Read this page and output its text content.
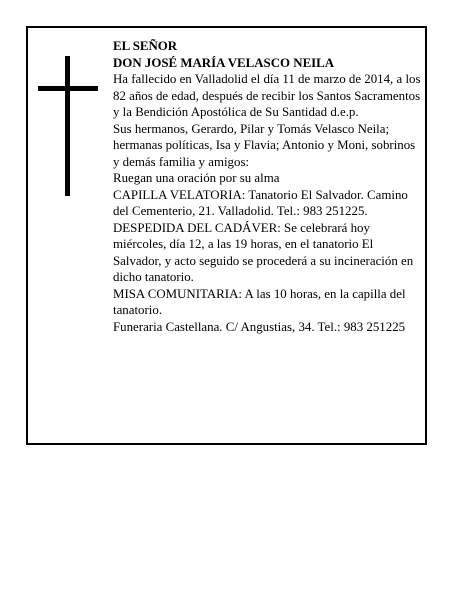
EL SEÑOR

DON JOSÉ MARÍA VELASCO NEILA

Ha fallecido en Valladolid el día 11 de marzo de 2014, a los 82 años de edad, después de recibir los Santos Sacramentos y la Bendición Apostólica de Su Santidad d.e.p.

Sus hermanos, Gerardo, Pilar y Tomás Velasco Neila; hermanas políticas, Isa y Flavia; Antonio y Moni, sobrinos y demás familia y amigos:

Ruegan una oración por su alma

CAPILLA VELATORIA: Tanatorio El Salvador. Camino del Cementerio, 21. Valladolid. Tel.: 983 251225.

DESPEDIDA DEL CADÁVER: Se celebrará hoy miércoles, día 12, a las 19 horas, en el tanatorio El Salvador, y acto seguido se procederá a su incineración en dicho tanatorio.

MISA COMUNITARIA: A las 10 horas, en la capilla del tanatorio.

Funeraria Castellana. C/ Angustias, 34. Tel.: 983 251225
